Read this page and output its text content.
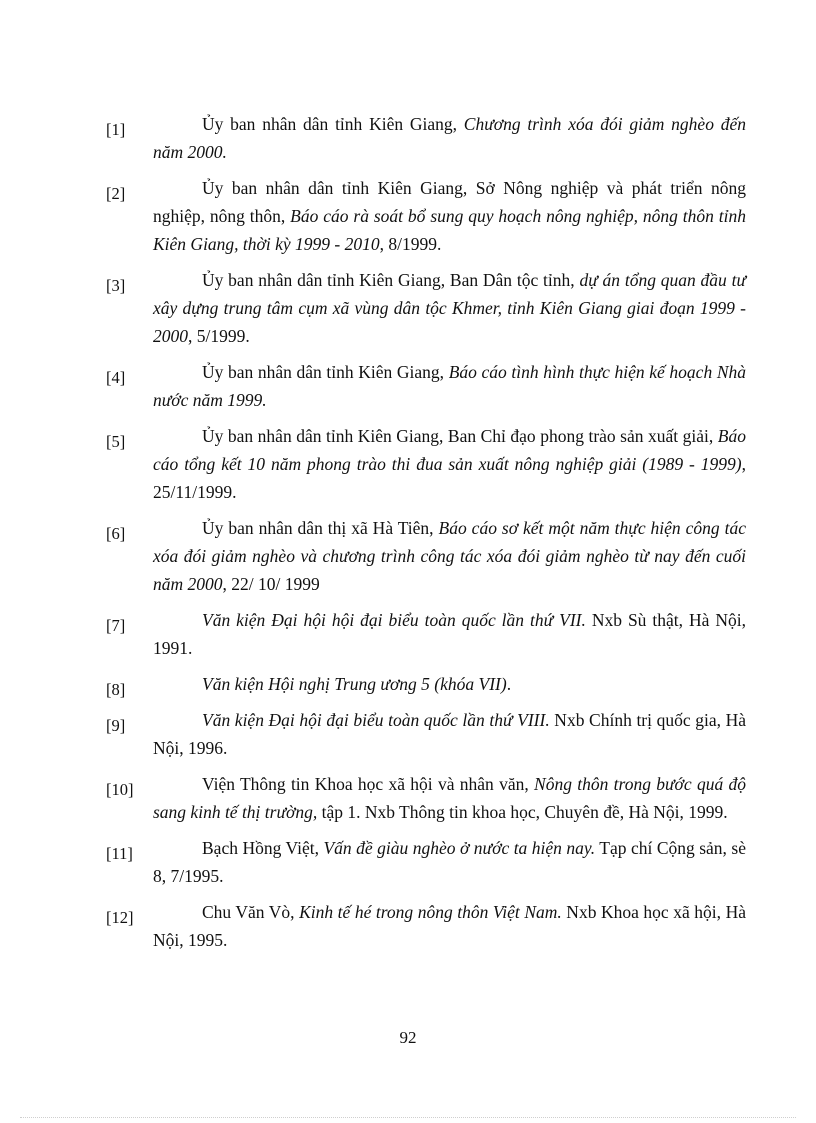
[1]	Ủy ban nhân dân tỉnh Kiên Giang, Chương trình xóa đói giảm nghèo đến năm 2000.
[2]	Ủy ban nhân dân tỉnh Kiên Giang, Sở Nông nghiệp và phát triển nông nghiệp, nông thôn, Báo cáo rà soát bổ sung quy hoạch nông nghiệp, nông thôn tỉnh Kiên Giang, thời kỳ 1999 - 2010, 8/1999.
[3]	Ủy ban nhân dân tỉnh Kiên Giang, Ban Dân tộc tỉnh, dự án tổng quan đầu tư xây dựng trung tâm cụm xã vùng dân tộc Khmer, tỉnh Kiên Giang giai đoạn 1999 - 2000, 5/1999.
[4]	Ủy ban nhân dân tỉnh Kiên Giang, Báo cáo tình hình thực hiện kế hoạch Nhà nước năm 1999.
[5]	Ủy ban nhân dân tỉnh Kiên Giang, Ban Chỉ đạo phong trào sản xuất giải, Báo cáo tổng kết 10 năm phong trào thi đua sản xuất nông nghiệp giải (1989 - 1999), 25/11/1999.
[6]	Ủy ban nhân dân thị xã Hà Tiên, Báo cáo sơ kết một năm thực hiện công tác xóa đói giảm nghèo và chương trình công tác xóa đói giảm nghèo từ nay đến cuối năm 2000, 22/ 10/ 1999
[7]	Văn kiện Đại hội hội đại biểu toàn quốc lần thứ VII. Nxb Sù thật, Hà Nội, 1991.
[8]	Văn kiện Hội nghị Trung ương 5 (khóa VII).
[9]	Văn kiện Đại hội đại biểu toàn quốc lần thứ VIII. Nxb Chính trị quốc gia, Hà Nội, 1996.
[10]	Viện Thông tin Khoa học xã hội và nhân văn, Nông thôn trong bước quá độ sang kinh tế thị trường, tập 1. Nxb Thông tin khoa học, Chuyên đề, Hà Nội, 1999.
[11]	Bạch Hồng Việt, Vấn đề giàu nghèo ở nước ta hiện nay. Tạp chí Cộng sản, sè 8, 7/1995.
[12]	Chu Văn Vò, Kinh tế hé trong nông thôn Việt Nam. Nxb Khoa học xã hội, Hà Nội, 1995.
92
